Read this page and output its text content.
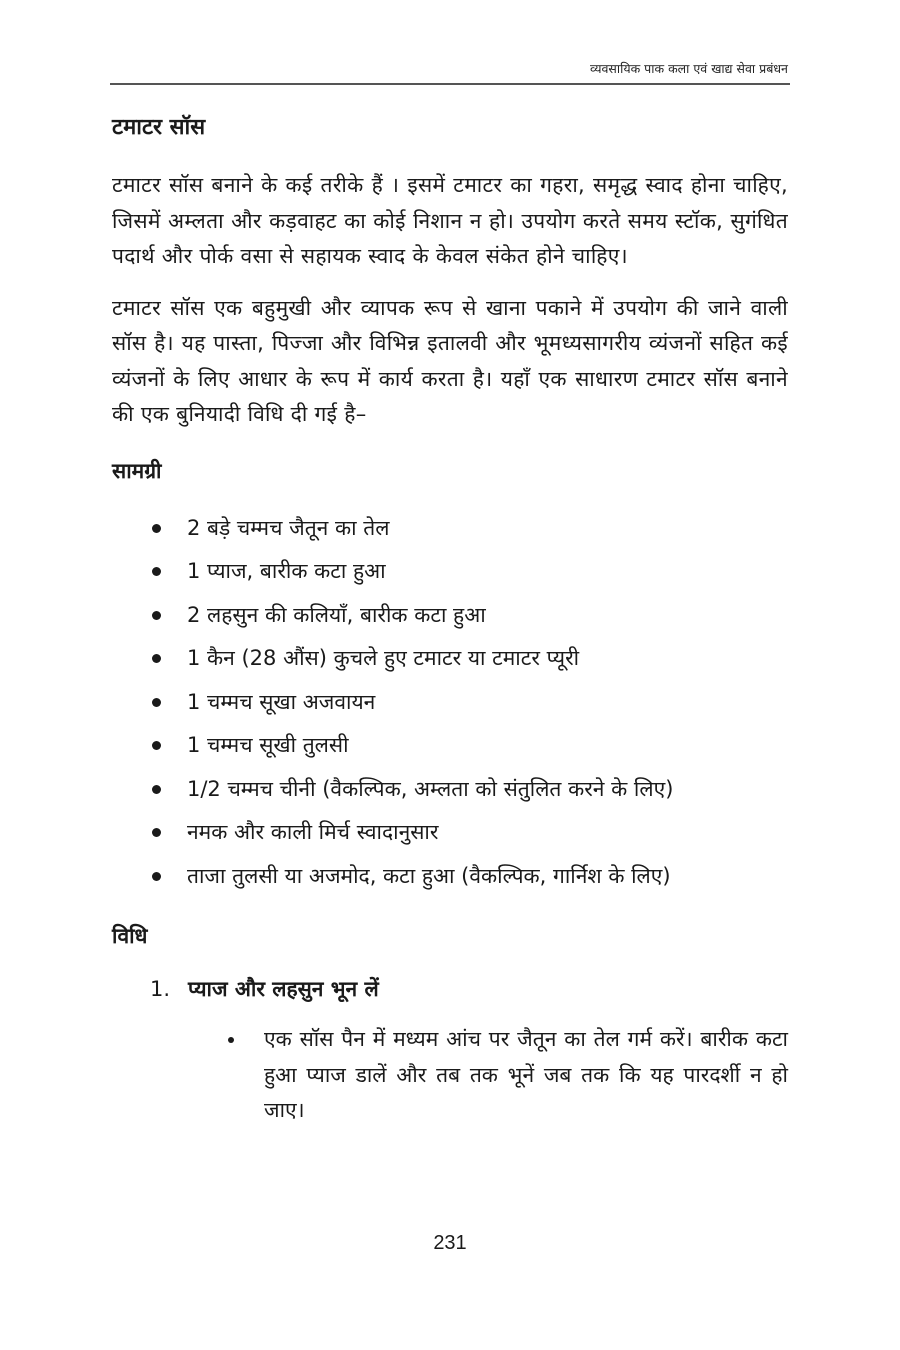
व्यवसायिक पाक कला एवं खाद्य सेवा प्रबंधन
टमाटर सॉस

टमाटर सॉस बनाने के कई तरीके हैं । इसमें टमाटर का गहरा, समृद्ध स्वाद होना चाहिए, जिसमें अम्लता और कड़वाहट का कोई निशान न हो। उपयोग करते समय स्टॉक, सुगंधित पदार्थ और पोर्क वसा से सहायक स्वाद के केवल संकेत होने चाहिए।

टमाटर सॉस एक बहुमुखी और व्यापक रूप से खाना पकाने में उपयोग की जाने वाली सॉस है। यह पास्ता, पिज्जा और विभिन्न इतालवी और भूमध्यसागरीय व्यंजनों सहित कई व्यंजनों के लिए आधार के रूप में कार्य करता है। यहाँ एक साधारण टमाटर सॉस बनाने की एक बुनियादी विधि दी गई है–

सामग्री
2 बड़े चम्मच जैतून का तेल
1 प्याज, बारीक कटा हुआ
2 लहसुन की कलियाँ, बारीक कटा हुआ
1 कैन (28 औंस) कुचले हुए टमाटर या टमाटर प्यूरी
1 चम्मच सूखा अजवायन
1 चम्मच सूखी तुलसी
1/2 चम्मच चीनी (वैकल्पिक, अम्लता को संतुलित करने के लिए)
नमक और काली मिर्च स्वादानुसार
ताजा तुलसी या अजमोद, कटा हुआ (वैकल्पिक, गार्निश के लिए)
विधि
1. प्याज और लहसुन भून लें
एक सॉस पैन में मध्यम आंच पर जैतून का तेल गर्म करें। बारीक कटा हुआ प्याज डालें और तब तक भूनें जब तक कि यह पारदर्शी न हो जाए।
231
